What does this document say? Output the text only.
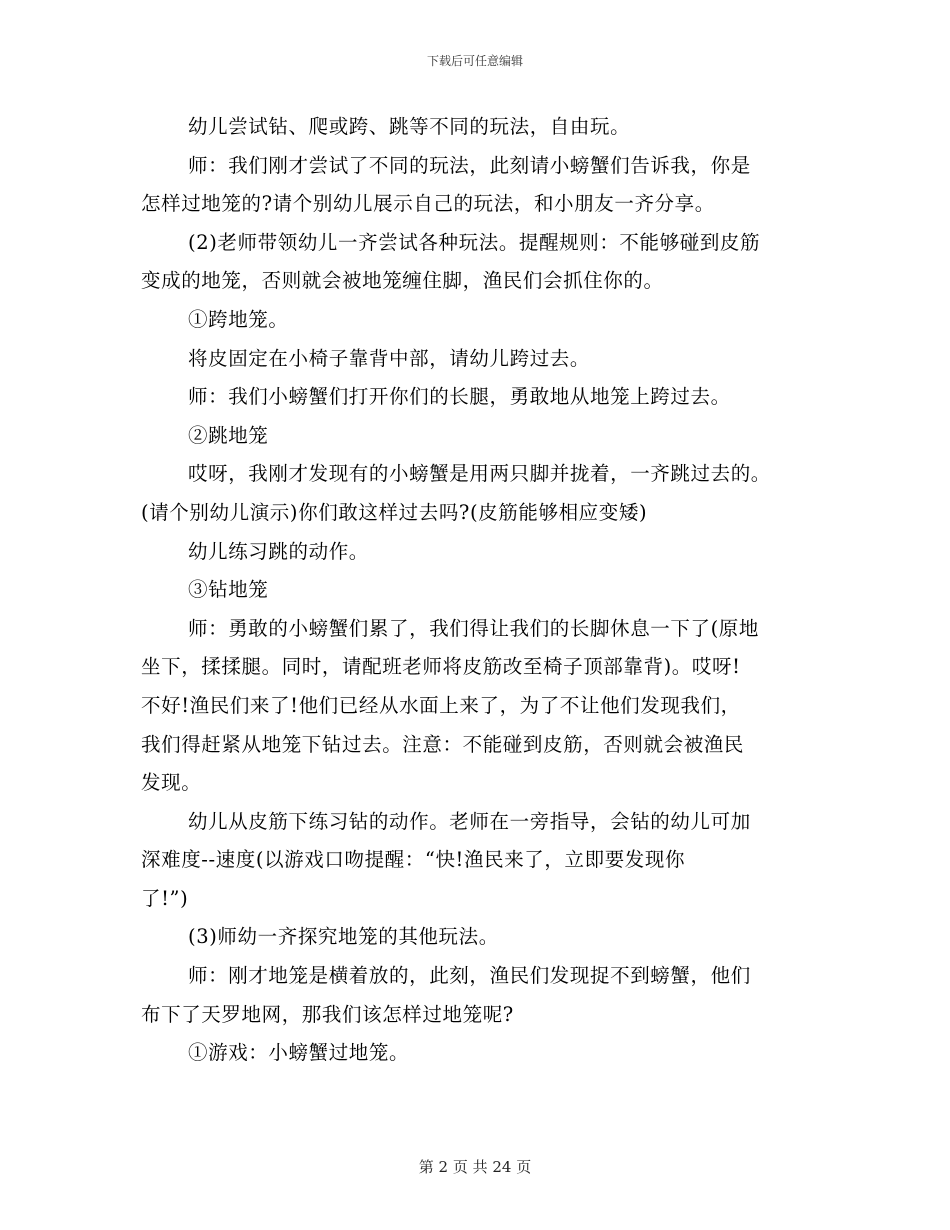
下载后可任意编辑
幼儿尝试钻、爬或跨、跳等不同的玩法，自由玩。
师：我们刚才尝试了不同的玩法，此刻请小螃蟹们告诉我，你是
怎样过地笼的?请个别幼儿展示自己的玩法，和小朋友一齐分享。
(2)老师带领幼儿一齐尝试各种玩法。提醒规则：不能够碰到皮筋
变成的地笼，否则就会被地笼缠住脚，渔民们会抓住你的。
①跨地笼。
将皮固定在小椅子靠背中部，请幼儿跨过去。
师：我们小螃蟹们打开你们的长腿，勇敢地从地笼上跨过去。
②跳地笼
哎呀，我刚才发现有的小螃蟹是用两只脚并拢着，一齐跳过去的。
(请个别幼儿演示)你们敢这样过去吗?(皮筋能够相应变矮)
幼儿练习跳的动作。
③钻地笼
师：勇敢的小螃蟹们累了，我们得让我们的长脚休息一下了(原地
坐下，揉揉腿。同时，请配班老师将皮筋改至椅子顶部靠背)。哎呀!
不好!渔民们来了!他们已经从水面上来了，为了不让他们发现我们，
我们得赶紧从地笼下钻过去。注意：不能碰到皮筋，否则就会被渔民
发现。
幼儿从皮筋下练习钻的动作。老师在一旁指导，会钻的幼儿可加
深难度--速度(以游戏口吻提醒：“快!渔民来了，立即要发现你
了!”)
(3)师幼一齐探究地笼的其他玩法。
师：刚才地笼是横着放的，此刻，渔民们发现捉不到螃蟹，他们
布下了天罗地网，那我们该怎样过地笼呢?
①游戏：小螃蟹过地笼。
第 2 页 共 24 页
